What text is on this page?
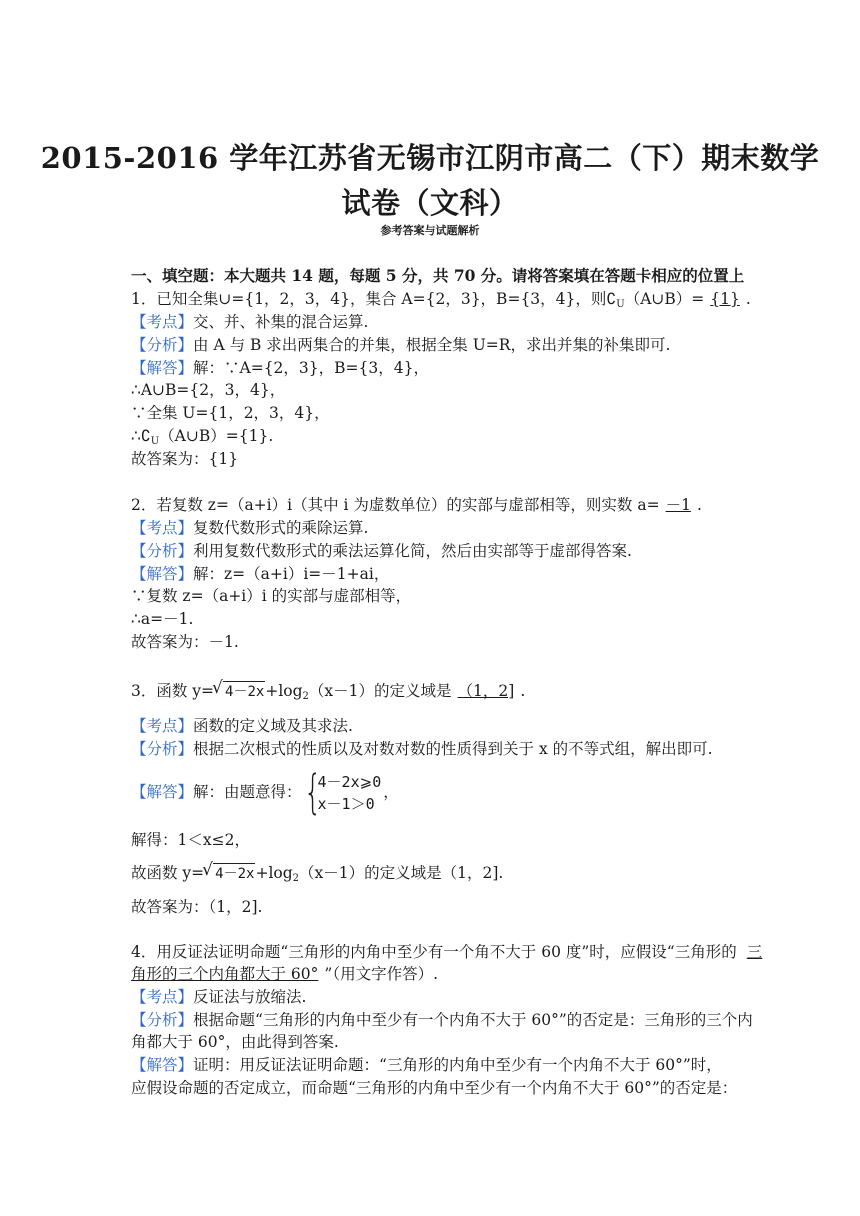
2015-2016 学年江苏省无锡市江阴市高二（下）期末数学
试卷（文科）
参考答案与试题解析
一、填空题：本大题共 14 题，每题 5 分，共 70 分。请将答案填在答题卡相应的位置上
1．已知全集∪={1，2，3，4}，集合 A={2，3}，B={3，4}，则$∁_U(A\cup B)= \{1\}$ .
【考点】交、并、补集的混合运算.
【分析】由 A 与 B 求出两集合的并集，根据全集 U=R，求出并集的补集即可.
【解答】解：∵A={2，3}，B={3，4}，
∴A∪B={2，3，4}，
∵全集 U={1，2，3，4}，
$\therefore∁_U(A\cup B)=\{1\}$.
故答案为：{1}
2．若复数 z=（a+i）i（其中 i 为虚数单位）的实部与虚部相等，则实数 a= －1 .
【考点】复数代数形式的乘除运算.
【分析】利用复数代数形式的乘法运算化简，然后由实部等于虚部得答案.
【解答】解：z=（a+i）i=－1+ai，
∵复数 z=（a+i）i 的实部与虚部相等，
∴a=－1.
故答案为：－1.
3．函数 y= √ $4-2x+\log_2(x-1)$的定义域是 （1，2] .
【考点】函数的定义域及其求法.
【分析】根据二次根式的性质以及对数对数的性质得到关于 x 的不等式组，解出即可.
【解答】解：由题意得： {
4－2x⩾0
x－1＞0
，
解得：1＜x≤2，
故函数 y= √ $4-2x+\log_2(x-1)$的定义域是（1，2].
故答案为：（1，2].
4．用反证法证明命题“三角形的内角中至少有一个角不大于 60 度”时，应假设“三角形的 三
角形的三个内角都大于 60° ”（用文字作答）.
【考点】反证法与放缩法.
【分析】根据命题“三角形的内角中至少有一个内角不大于 60°”的否定是：三角形的三个内
角都大于 60°，由此得到答案.
【解答】证明：用反证法证明命题：“三角形的内角中至少有一个内角不大于 60°”时，
应假设命题的否定成立，而命题“三角形的内角中至少有一个内角不大于 60°”的否定是：
